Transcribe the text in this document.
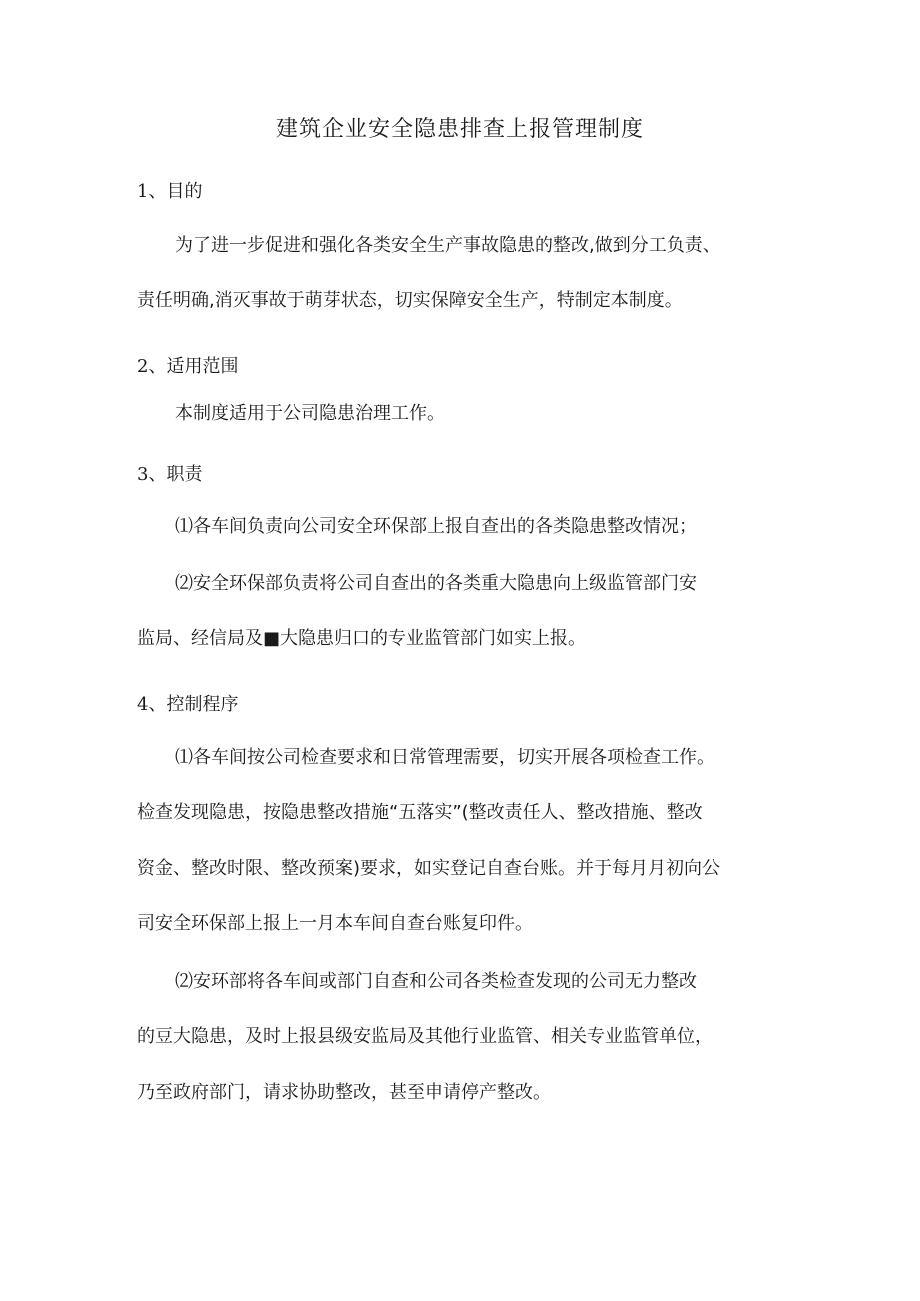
建筑企业安全隐患排查上报管理制度

1、目的

为了进一步促进和强化各类安全生产事故隐患的整改,做到分工负责、

责任明确,消灭事故于萌芽状态，切实保障安全生产，特制定本制度。

2、适用范围

本制度适用于公司隐患治理工作。

3、职责

⑴各车间负责向公司安全环保部上报自查出的各类隐患整改情况；

⑵安全环保部负责将公司自查出的各类重大隐患向上级监管部门安

监局、经信局及■大隐患归口的专业监管部门如实上报。

4、控制程序

⑴各车间按公司检查要求和日常管理需要，切实开展各项检查工作。

检查发现隐患，按隐患整改措施“五落实”(整改责任人、整改措施、整改

资金、整改时限、整改预案)要求，如实登记自查台账。并于每月月初向公

司安全环保部上报上一月本车间自查台账复印件。

⑵安环部将各车间或部门自查和公司各类检查发现的公司无力整改

的豆大隐患，及时上报县级安监局及其他行业监管、相关专业监管单位，

乃至政府部门，请求协助整改，甚至申请停产整改。
